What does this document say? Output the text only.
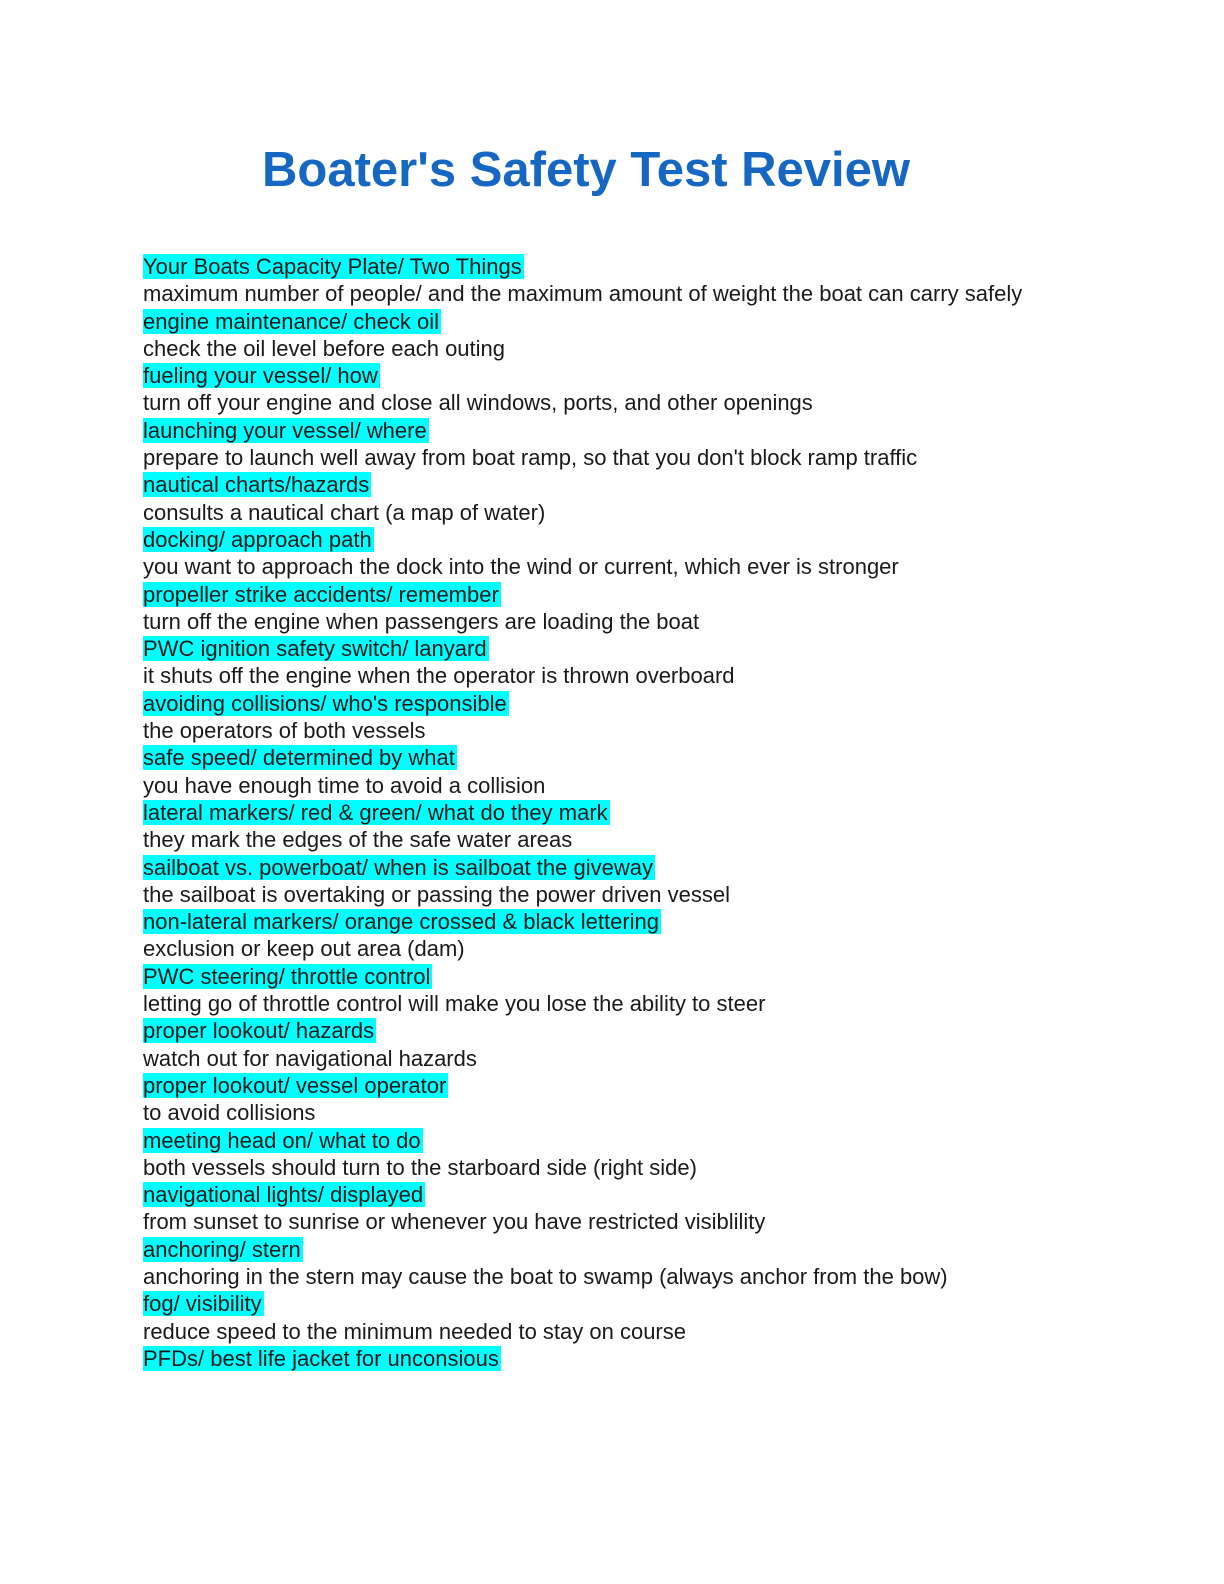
Boater's Safety Test Review
Your Boats Capacity Plate/ Two Things
maximum number of people/ and the maximum amount of weight the boat can carry safely
engine maintenance/ check oil
check the oil level before each outing
fueling your vessel/ how
turn off your engine and close all windows, ports, and other openings
launching your vessel/ where
prepare to launch well away from boat ramp, so that you don't block ramp traffic
nautical charts/hazards
consults a nautical chart (a map of water)
docking/ approach path
you want to approach the dock into the wind or current, which ever is stronger
propeller strike accidents/ remember
turn off the engine when passengers are loading the boat
PWC ignition safety switch/ lanyard
it shuts off the engine when the operator is thrown overboard
avoiding collisions/ who's responsible
the operators of both vessels
safe speed/ determined by what
you have enough time to avoid a collision
lateral markers/ red & green/ what do they mark
they mark the edges of the safe water areas
sailboat vs. powerboat/ when is sailboat the giveway
the sailboat is overtaking or passing the power driven vessel
non-lateral markers/ orange crossed & black lettering
exclusion or keep out area (dam)
PWC steering/ throttle control
letting go of throttle control will make you lose the ability to steer
proper lookout/ hazards
watch out for navigational hazards
proper lookout/ vessel operator
to avoid collisions
meeting head on/ what to do
both vessels should turn to the starboard side (right side)
navigational lights/ displayed
from sunset to sunrise or whenever you have restricted visiblility
anchoring/ stern
anchoring in the stern may cause the boat to swamp (always anchor from the bow)
fog/ visibility
reduce speed to the minimum needed to stay on course
PFDs/ best life jacket for unconsious
